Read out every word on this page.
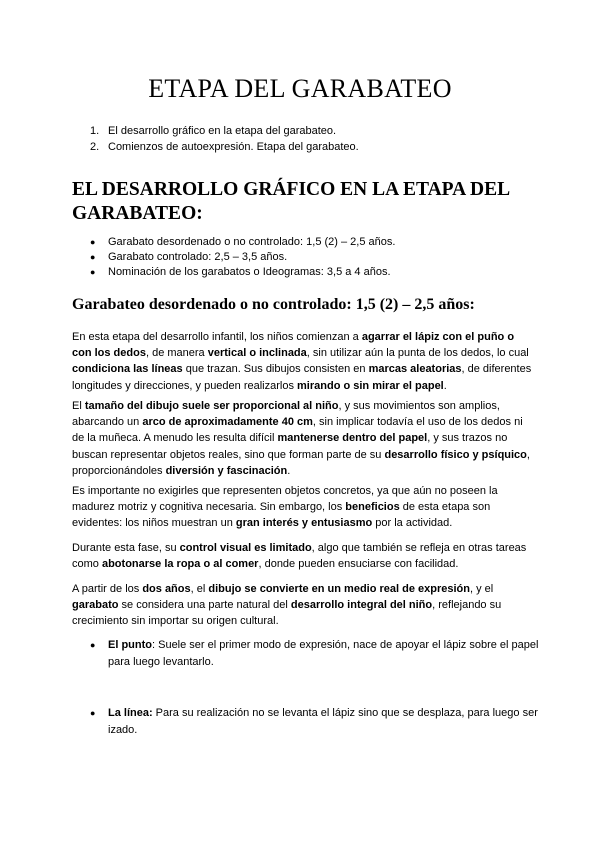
ETAPA DEL GARABATEO
1. El desarrollo gráfico en la etapa del garabateo.
2. Comienzos de autoexpresión. Etapa del garabateo.
EL DESARROLLO GRÁFICO EN LA ETAPA DEL GARABATEO:
●	Garabato desordenado o no controlado: 1,5 (2) – 2,5 años.
●	Garabato controlado: 2,5 – 3,5 años.
●	Nominación de los garabatos o Ideogramas: 3,5 a 4 años.
Garabateo desordenado o no controlado: 1,5 (2) – 2,5 años:
En esta etapa del desarrollo infantil, los niños comienzan a agarrar el lápiz con el puño o con los dedos, de manera vertical o inclinada, sin utilizar aún la punta de los dedos, lo cual condiciona las líneas que trazan. Sus dibujos consisten en marcas aleatorias, de diferentes longitudes y direcciones, y pueden realizarlos mirando o sin mirar el papel.
El tamaño del dibujo suele ser proporcional al niño, y sus movimientos son amplios, abarcando un arco de aproximadamente 40 cm, sin implicar todavía el uso de los dedos ni de la muñeca. A menudo les resulta difícil mantenerse dentro del papel, y sus trazos no buscan representar objetos reales, sino que forman parte de su desarrollo físico y psíquico, proporcionándoles diversión y fascinación.
Es importante no exigirles que representen objetos concretos, ya que aún no poseen la madurez motriz y cognitiva necesaria. Sin embargo, los beneficios de esta etapa son evidentes: los niños muestran un gran interés y entusiasmo por la actividad.
Durante esta fase, su control visual es limitado, algo que también se refleja en otras tareas como abotonarse la ropa o al comer, donde pueden ensuciarse con facilidad.
A partir de los dos años, el dibujo se convierte en un medio real de expresión, y el garabato se considera una parte natural del desarrollo integral del niño, reflejando su crecimiento sin importar su origen cultural.
●	El punto: Suele ser el primer modo de expresión, nace de apoyar el lápiz sobre el papel para luego levantarlo.
●	La línea: Para su realización no se levanta el lápiz sino que se desplaza, para luego ser izado.
